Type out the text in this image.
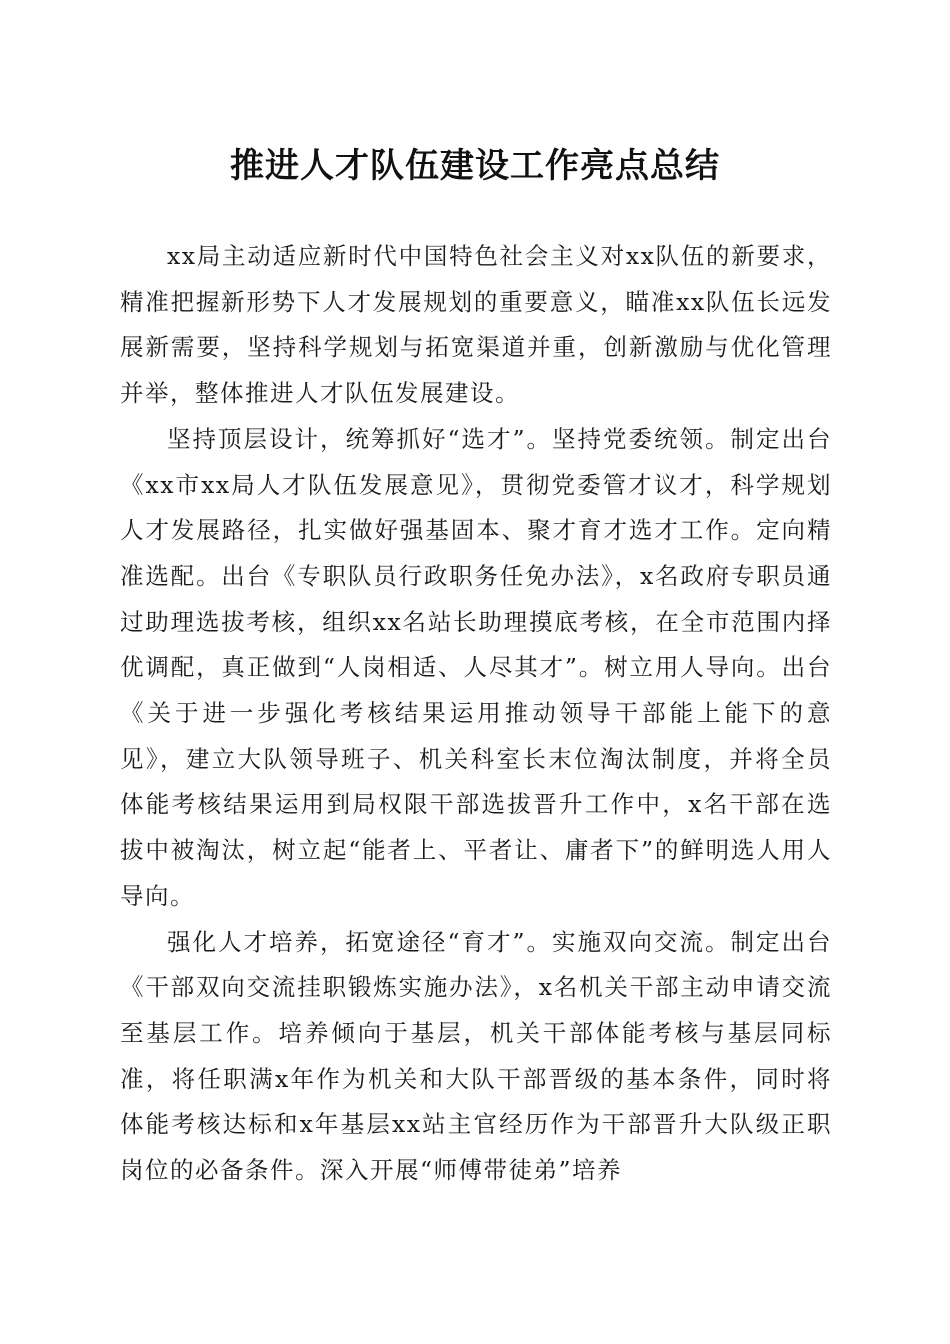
推进人才队伍建设工作亮点总结

xx局主动适应新时代中国特色社会主义对xx队伍的新要求，精准把握新形势下人才发展规划的重要意义，瞄准xx队伍长远发展新需要，坚持科学规划与拓宽渠道并重，创新激励与优化管理并举，整体推进人才队伍发展建设。

坚持顶层设计，统筹抓好“选才”。坚持党委统领。制定出台《xx市xx局人才队伍发展意见》，贯彻党委管才议才，科学规划人才发展路径，扎实做好强基固本、聚才育才选才工作。定向精准选配。出台《专职队员行政职务任免办法》，x名政府专职员通过助理选拔考核，组织xx名站长助理摸底考核，在全市范围内择优调配，真正做到“人岗相适、人尽其才”。树立用人导向。出台《关于进一步强化考核结果运用推动领导干部能上能下的意见》，建立大队领导班子、机关科室长末位淘汰制度，并将全员体能考核结果运用到局权限干部选拔晋升工作中，x名干部在选拔中被淘汰，树立起“能者上、平者让、庸者下”的鲜明选人用人导向。

强化人才培养，拓宽途径“育才”。实施双向交流。制定出台《干部双向交流挂职锻炼实施办法》，x名机关干部主动申请交流至基层工作。培养倾向于基层，机关干部体能考核与基层同标准，将任职满x年作为机关和大队干部晋级的基本条件，同时将体能考核达标和x年基层xx站主官经历作为干部晋升大队级正职岗位的必备条件。深入开展“师傅带徒弟”培养
